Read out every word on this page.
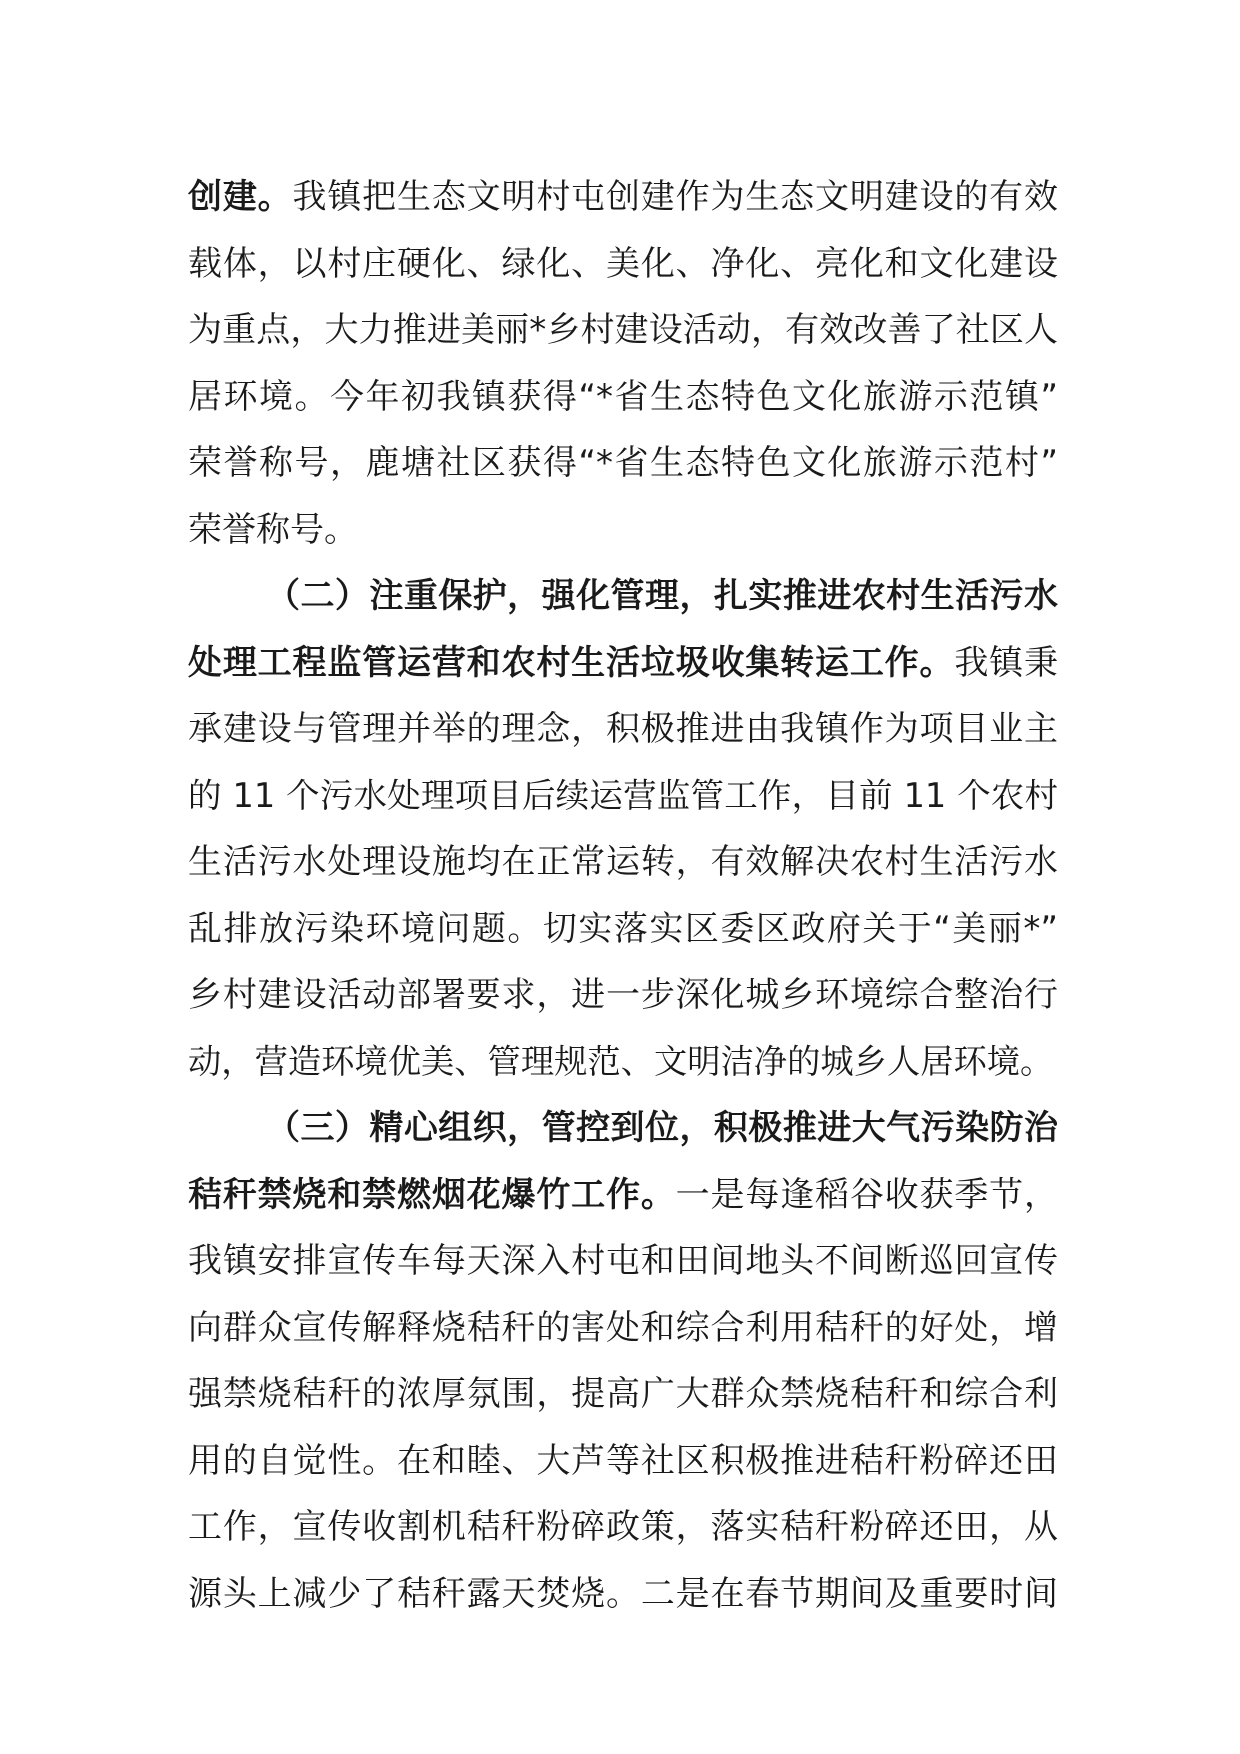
创建。我镇把生态文明村屯创建作为生态文明建设的有效
载体，以村庄硬化、绿化、美化、净化、亮化和文化建设
为重点，大力推进美丽*乡村建设活动，有效改善了社区人
居环境。今年初我镇获得“*省生态特色文化旅游示范镇”
荣誉称号，鹿塘社区获得“*省生态特色文化旅游示范村”
荣誉称号。
（二）注重保护，强化管理，扎实推进农村生活污水
处理工程监管运营和农村生活垃圾收集转运工作。我镇秉
承建设与管理并举的理念，积极推进由我镇作为项目业主
的 11 个污水处理项目后续运营监管工作，目前 11 个农村
生活污水处理设施均在正常运转，有效解决农村生活污水
乱排放污染环境问题。切实落实区委区政府关于“美丽*”
乡村建设活动部署要求，进一步深化城乡环境综合整治行
动，营造环境优美、管理规范、文明洁净的城乡人居环境。
（三）精心组织，管控到位，积极推进大气污染防治
秸秆禁烧和禁燃烟花爆竹工作。一是每逢稻谷收获季节，
我镇安排宣传车每天深入村屯和田间地头不间断巡回宣传
向群众宣传解释烧秸秆的害处和综合利用秸秆的好处，增
强禁烧秸秆的浓厚氛围，提高广大群众禁烧秸秆和综合利
用的自觉性。在和睦、大芦等社区积极推进秸秆粉碎还田
工作，宣传收割机秸秆粉碎政策，落实秸秆粉碎还田，从
源头上减少了秸秆露天焚烧。二是在春节期间及重要时间
